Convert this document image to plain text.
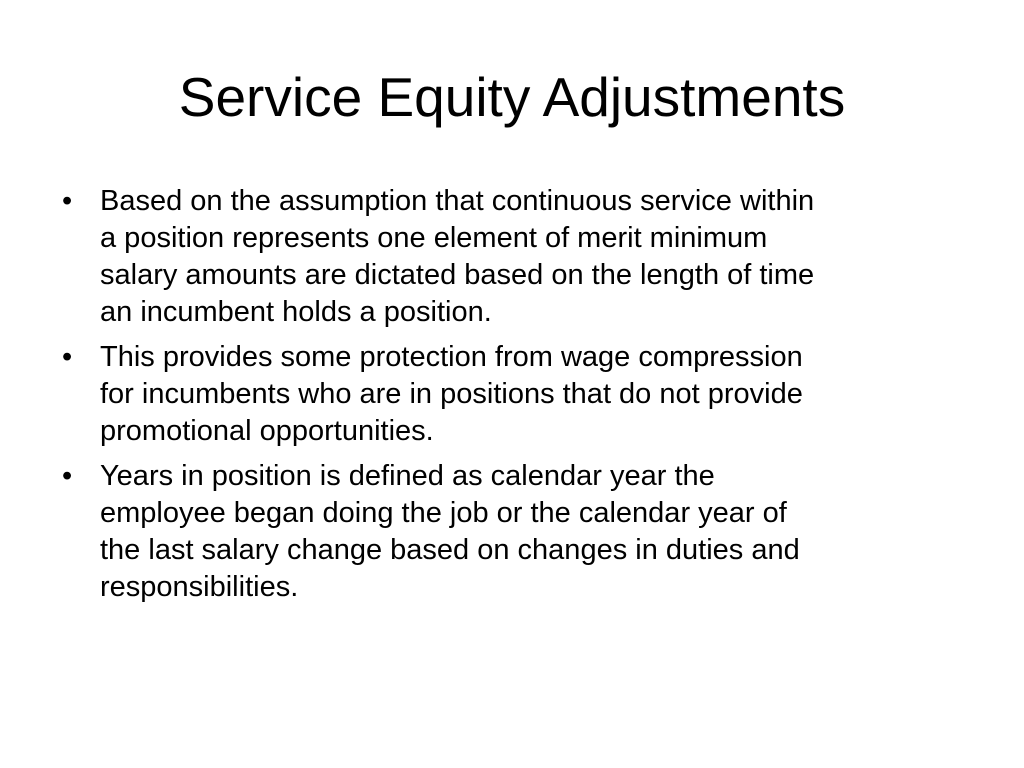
Service Equity Adjustments
• Based on the assumption that continuous service within
a position represents one element of merit minimum
salary amounts are dictated based on the length of time
an incumbent holds a position.
• This provides some protection from wage compression
for incumbents who are in positions that do not provide
promotional opportunities.
• Years in position is defined as calendar year the
employee began doing the job or the calendar year of
the last salary change based on changes in duties and
responsibilities.
